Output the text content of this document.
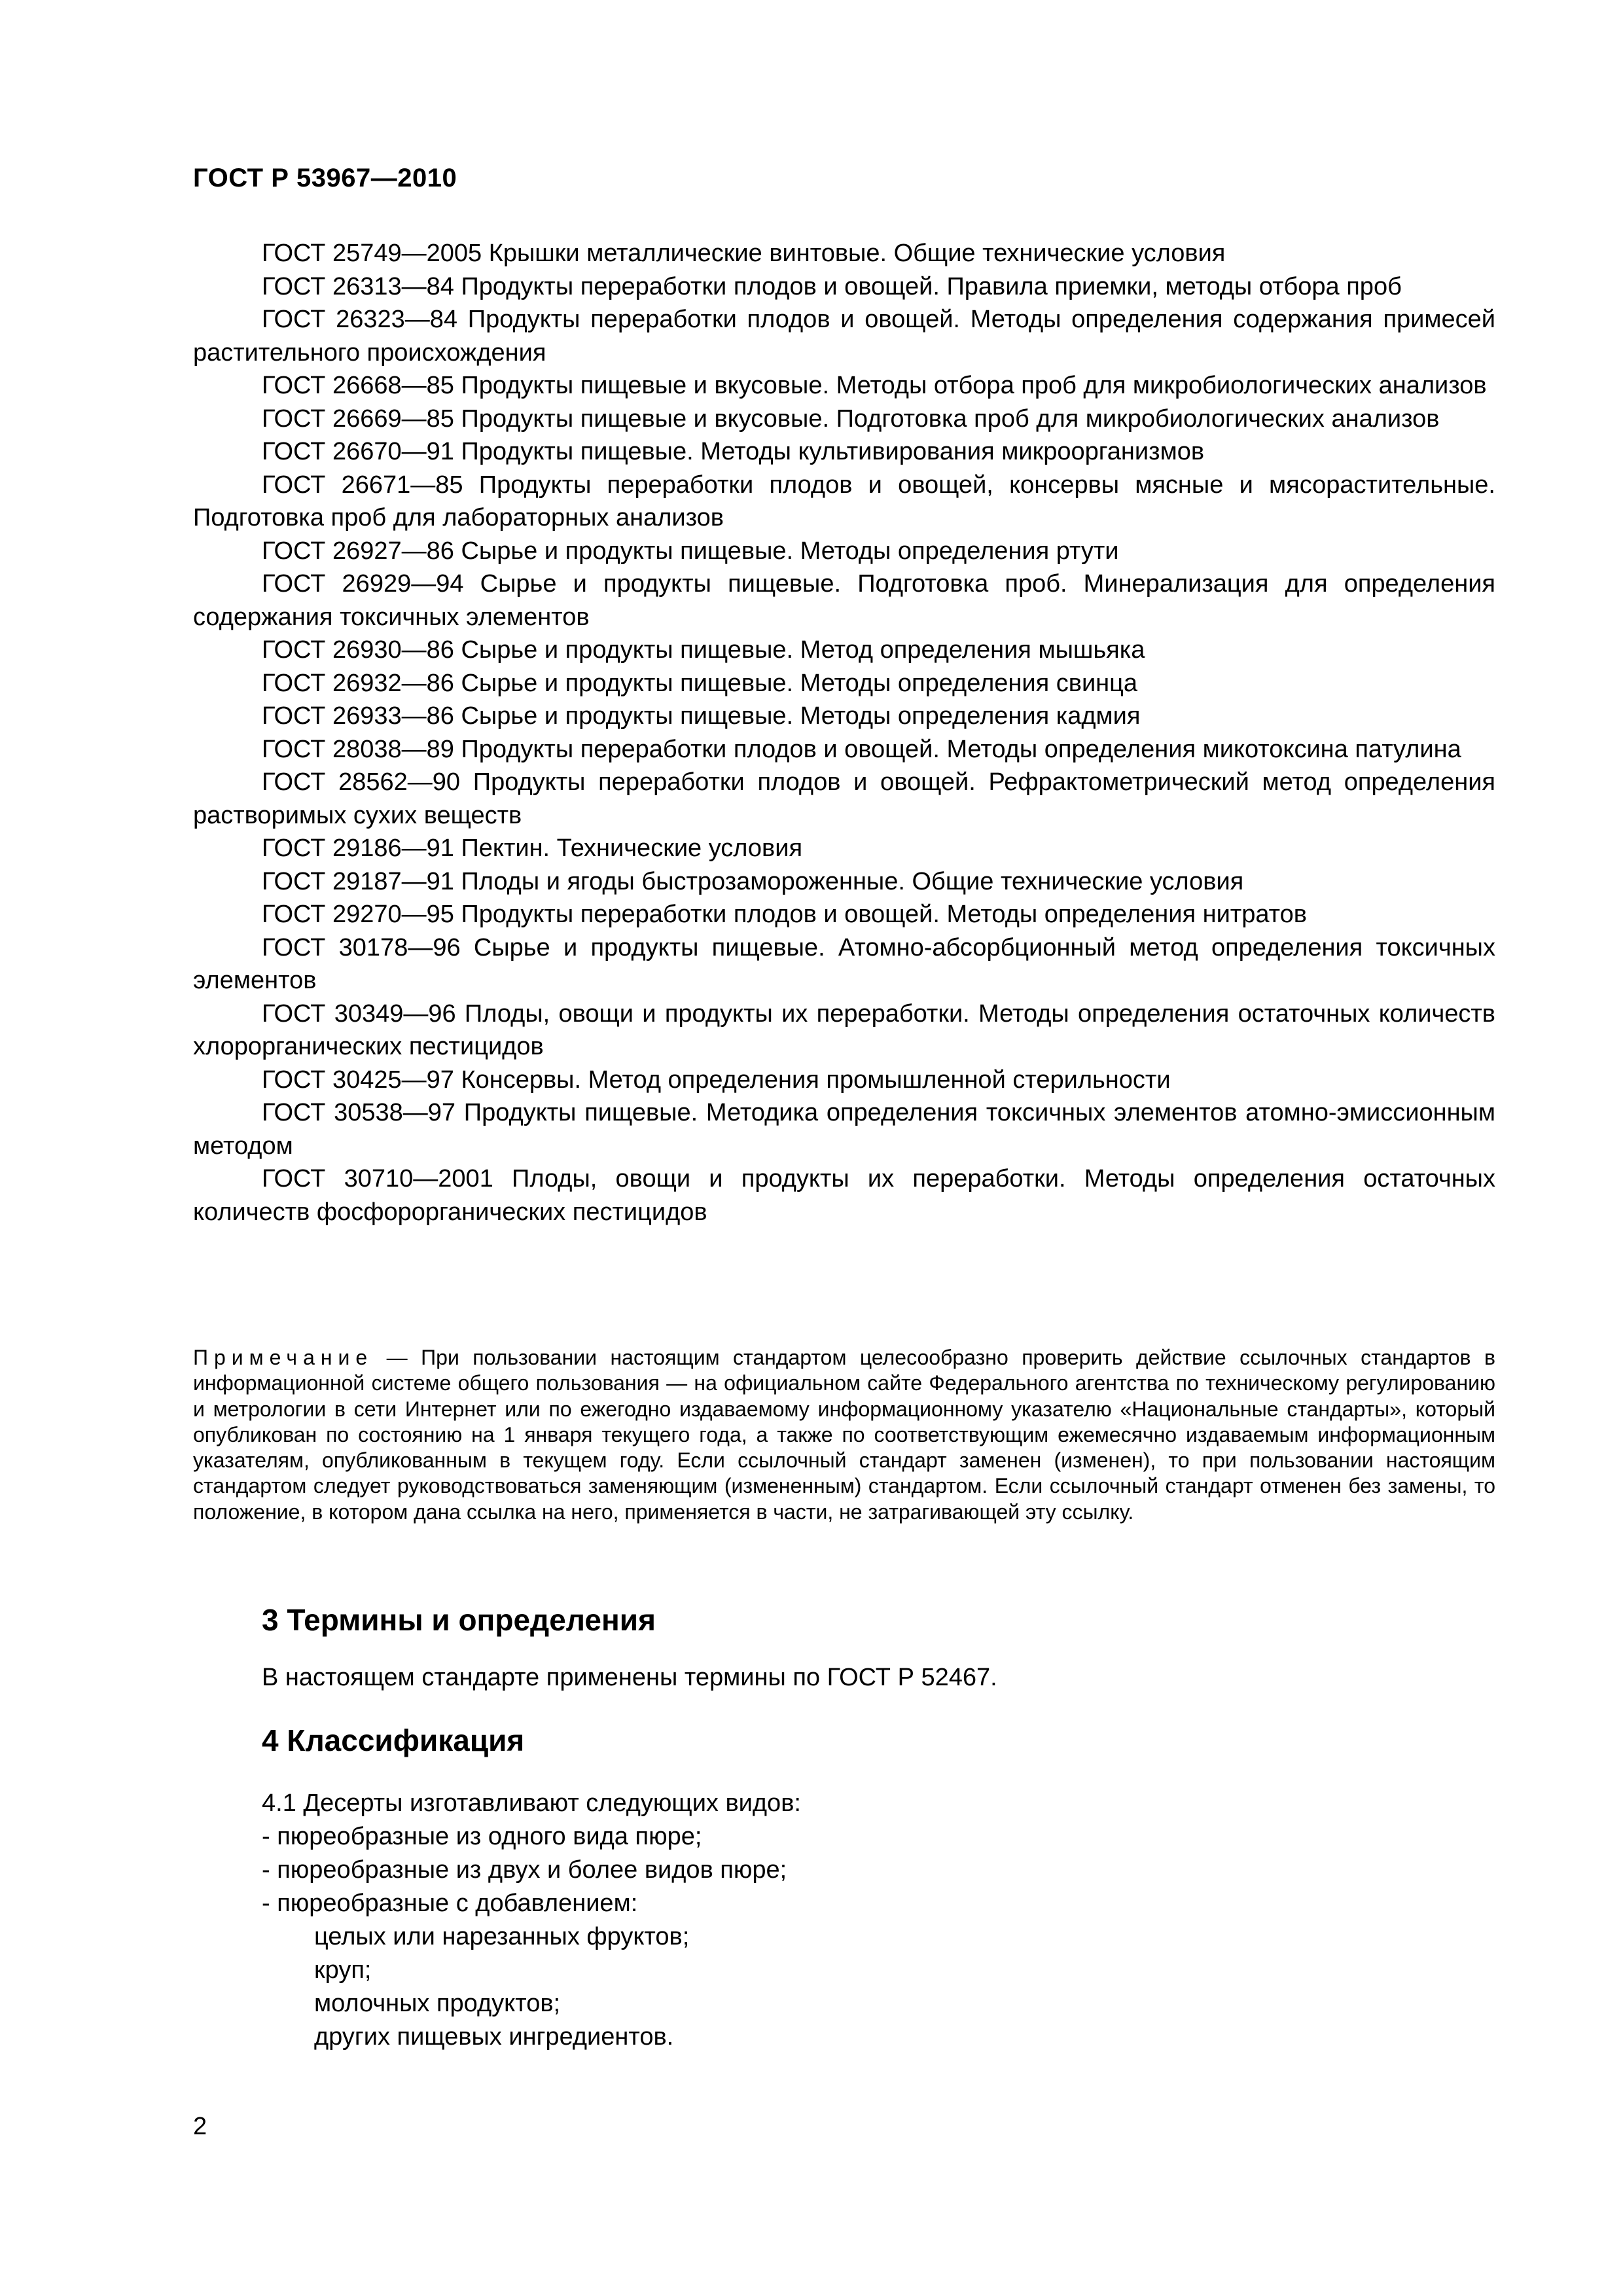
ГОСТ Р 53967—2010

ГОСТ 25749—2005 Крышки металлические винтовые. Общие технические условия

ГОСТ 26313—84 Продукты переработки плодов и овощей. Правила приемки, методы отбора проб

ГОСТ 26323—84 Продукты переработки плодов и овощей. Методы определения содержания примесей растительного происхождения

ГОСТ 26668—85 Продукты пищевые и вкусовые. Методы отбора проб для микробиологических анализов

ГОСТ 26669—85 Продукты пищевые и вкусовые. Подготовка проб для микробиологических анализов

ГОСТ 26670—91 Продукты пищевые. Методы культивирования микроорганизмов

ГОСТ 26671—85 Продукты переработки плодов и овощей, консервы мясные и мясорастительные. Подготовка проб для лабораторных анализов

ГОСТ 26927—86 Сырье и продукты пищевые. Методы определения ртути

ГОСТ 26929—94 Сырье и продукты пищевые. Подготовка проб. Минерализация для определения содержания токсичных элементов

ГОСТ 26930—86 Сырье и продукты пищевые. Метод определения мышьяка

ГОСТ 26932—86 Сырье и продукты пищевые. Методы определения свинца

ГОСТ 26933—86 Сырье и продукты пищевые. Методы определения кадмия

ГОСТ 28038—89 Продукты переработки плодов и овощей. Методы определения микотоксина патулина

ГОСТ 28562—90 Продукты переработки плодов и овощей. Рефрактометрический метод определения растворимых сухих веществ

ГОСТ 29186—91 Пектин. Технические условия

ГОСТ 29187—91 Плоды и ягоды быстрозамороженные. Общие технические условия

ГОСТ 29270—95 Продукты переработки плодов и овощей. Методы определения нитратов

ГОСТ 30178—96 Сырье и продукты пищевые. Атомно-абсорбционный метод определения токсичных элементов

ГОСТ 30349—96 Плоды, овощи и продукты их переработки. Методы определения остаточных количеств хлорорганических пестицидов

ГОСТ 30425—97 Консервы. Метод определения промышленной стерильности

ГОСТ 30538—97 Продукты пищевые. Методика определения токсичных элементов атомно-эмиссионным методом

ГОСТ 30710—2001 Плоды, овощи и продукты их переработки. Методы определения остаточных количеств фосфорорганических пестицидов

Примечание — При пользовании настоящим стандартом целесообразно проверить действие ссылочных стандартов в информационной системе общего пользования — на официальном сайте Федерального агентства по техническому регулированию и метрологии в сети Интернет или по ежегодно издаваемому информационному указателю «Национальные стандарты», который опубликован по состоянию на 1 января текущего года, а также по соответствующим ежемесячно издаваемым информационным указателям, опубликованным в текущем году. Если ссылочный стандарт заменен (изменен), то при пользовании настоящим стандартом следует руководствоваться заменяющим (измененным) стандартом. Если ссылочный стандарт отменен без замены, то положение, в котором дана ссылка на него, применяется в части, не затрагивающей эту ссылку.

3 Термины и определения

В настоящем стандарте применены термины по ГОСТ Р 52467.

4 Классификация
4.1 Десерты изготавливают следующих видов:
- пюреобразные из одного вида пюре;
- пюреобразные из двух и более видов пюре;
- пюреобразные с добавлением:
целых или нарезанных фруктов;
круп;
молочных продуктов;
других пищевых ингредиентов.
2
